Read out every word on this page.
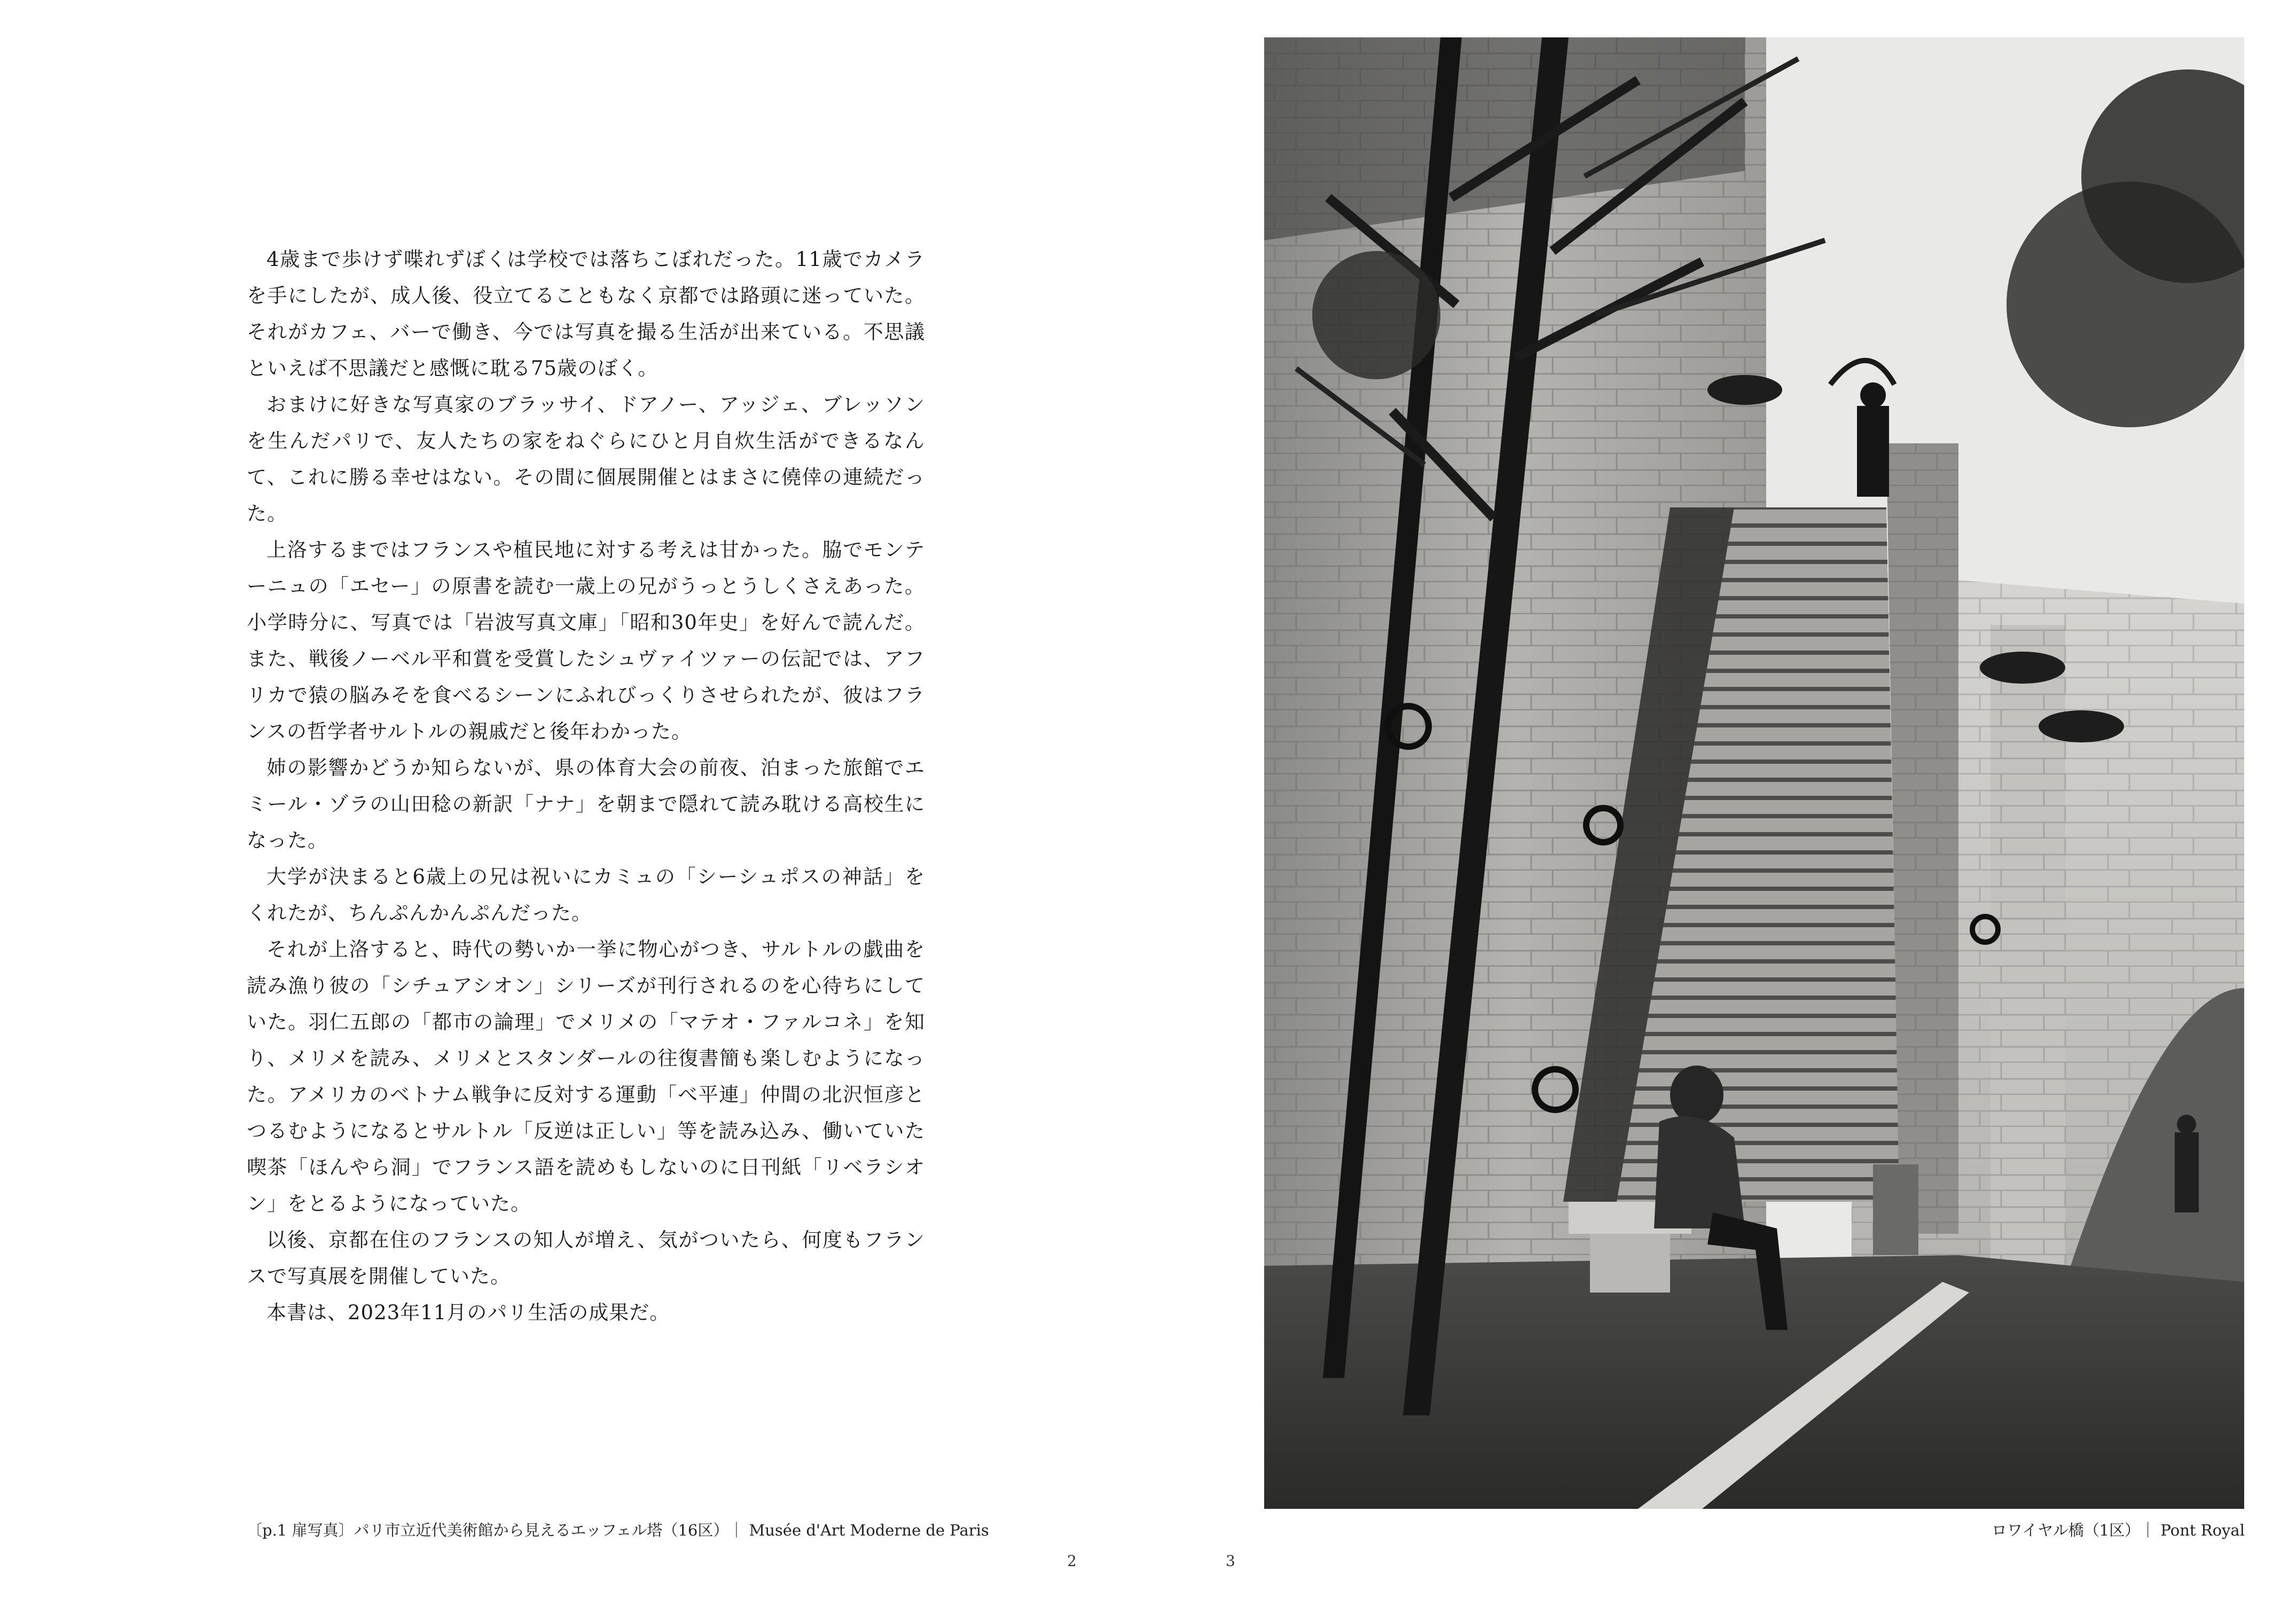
4歳まで歩けず喋れずぼくは学校では落ちこぼれだった。11歳でカメラを手にしたが、成人後、役立てることもなく京都では路頭に迷っていた。それがカフェ、バーで働き、今では写真を撮る生活が出来ている。不思議といえば不思議だと感慨に耽る75歳のぼく。

おまけに好きな写真家のブラッサイ、ドアノー、アッジェ、ブレッソンを生んだパリで、友人たちの家をねぐらにひと月自炊生活ができるなんて、これに勝る幸せはない。その間に個展開催とはまさに僥倖の連続だった。

上洛するまではフランスや植民地に対する考えは甘かった。脇でモンテーニュの「エセー」の原書を読む一歳上の兄がうっとうしくさえあった。小学時分に、写真では「岩波写真文庫」「昭和30年史」を好んで読んだ。また、戦後ノーベル平和賞を受賞したシュヴァイツァーの伝記では、アフリカで猿の脳みそを食べるシーンにふれびっくりさせられたが、彼はフランスの哲学者サルトルの親戚だと後年わかった。

姉の影響かどうか知らないが、県の体育大会の前夜、泊まった旅館でエミール・ゾラの山田稔の新訳「ナナ」を朝まで隠れて読み耽ける高校生になった。

大学が決まると6歳上の兄は祝いにカミュの「シーシュポスの神話」をくれたが、ちんぷんかんぷんだった。

それが上洛すると、時代の勢いか一挙に物心がつき、サルトルの戯曲を読み漁り彼の「シチュアシオン」シリーズが刊行されるのを心待ちにしていた。羽仁五郎の「都市の論理」でメリメの「マテオ・ファルコネ」を知り、メリメを読み、メリメとスタンダールの往復書簡も楽しむようになった。アメリカのベトナム戦争に反対する運動「べ平連」仲間の北沢恒彦とつるむようになるとサルトル「反逆は正しい」等を読み込み、働いていた喫茶「ほんやら洞」でフランス語を読めもしないのに日刊紙「リベラシオン」をとるようになっていた。

以後、京都在住のフランスの知人が増え、気がついたら、何度もフランスで写真展を開催していた。

本書は、2023年11月のパリ生活の成果だ。

〔p.1 扉写真〕パリ市立近代美術館から見えるエッフェル塔（16区）｜ Musée d'Art Moderne de Paris
2
ロワイヤル橋（1区）｜ Pont Royal
3
